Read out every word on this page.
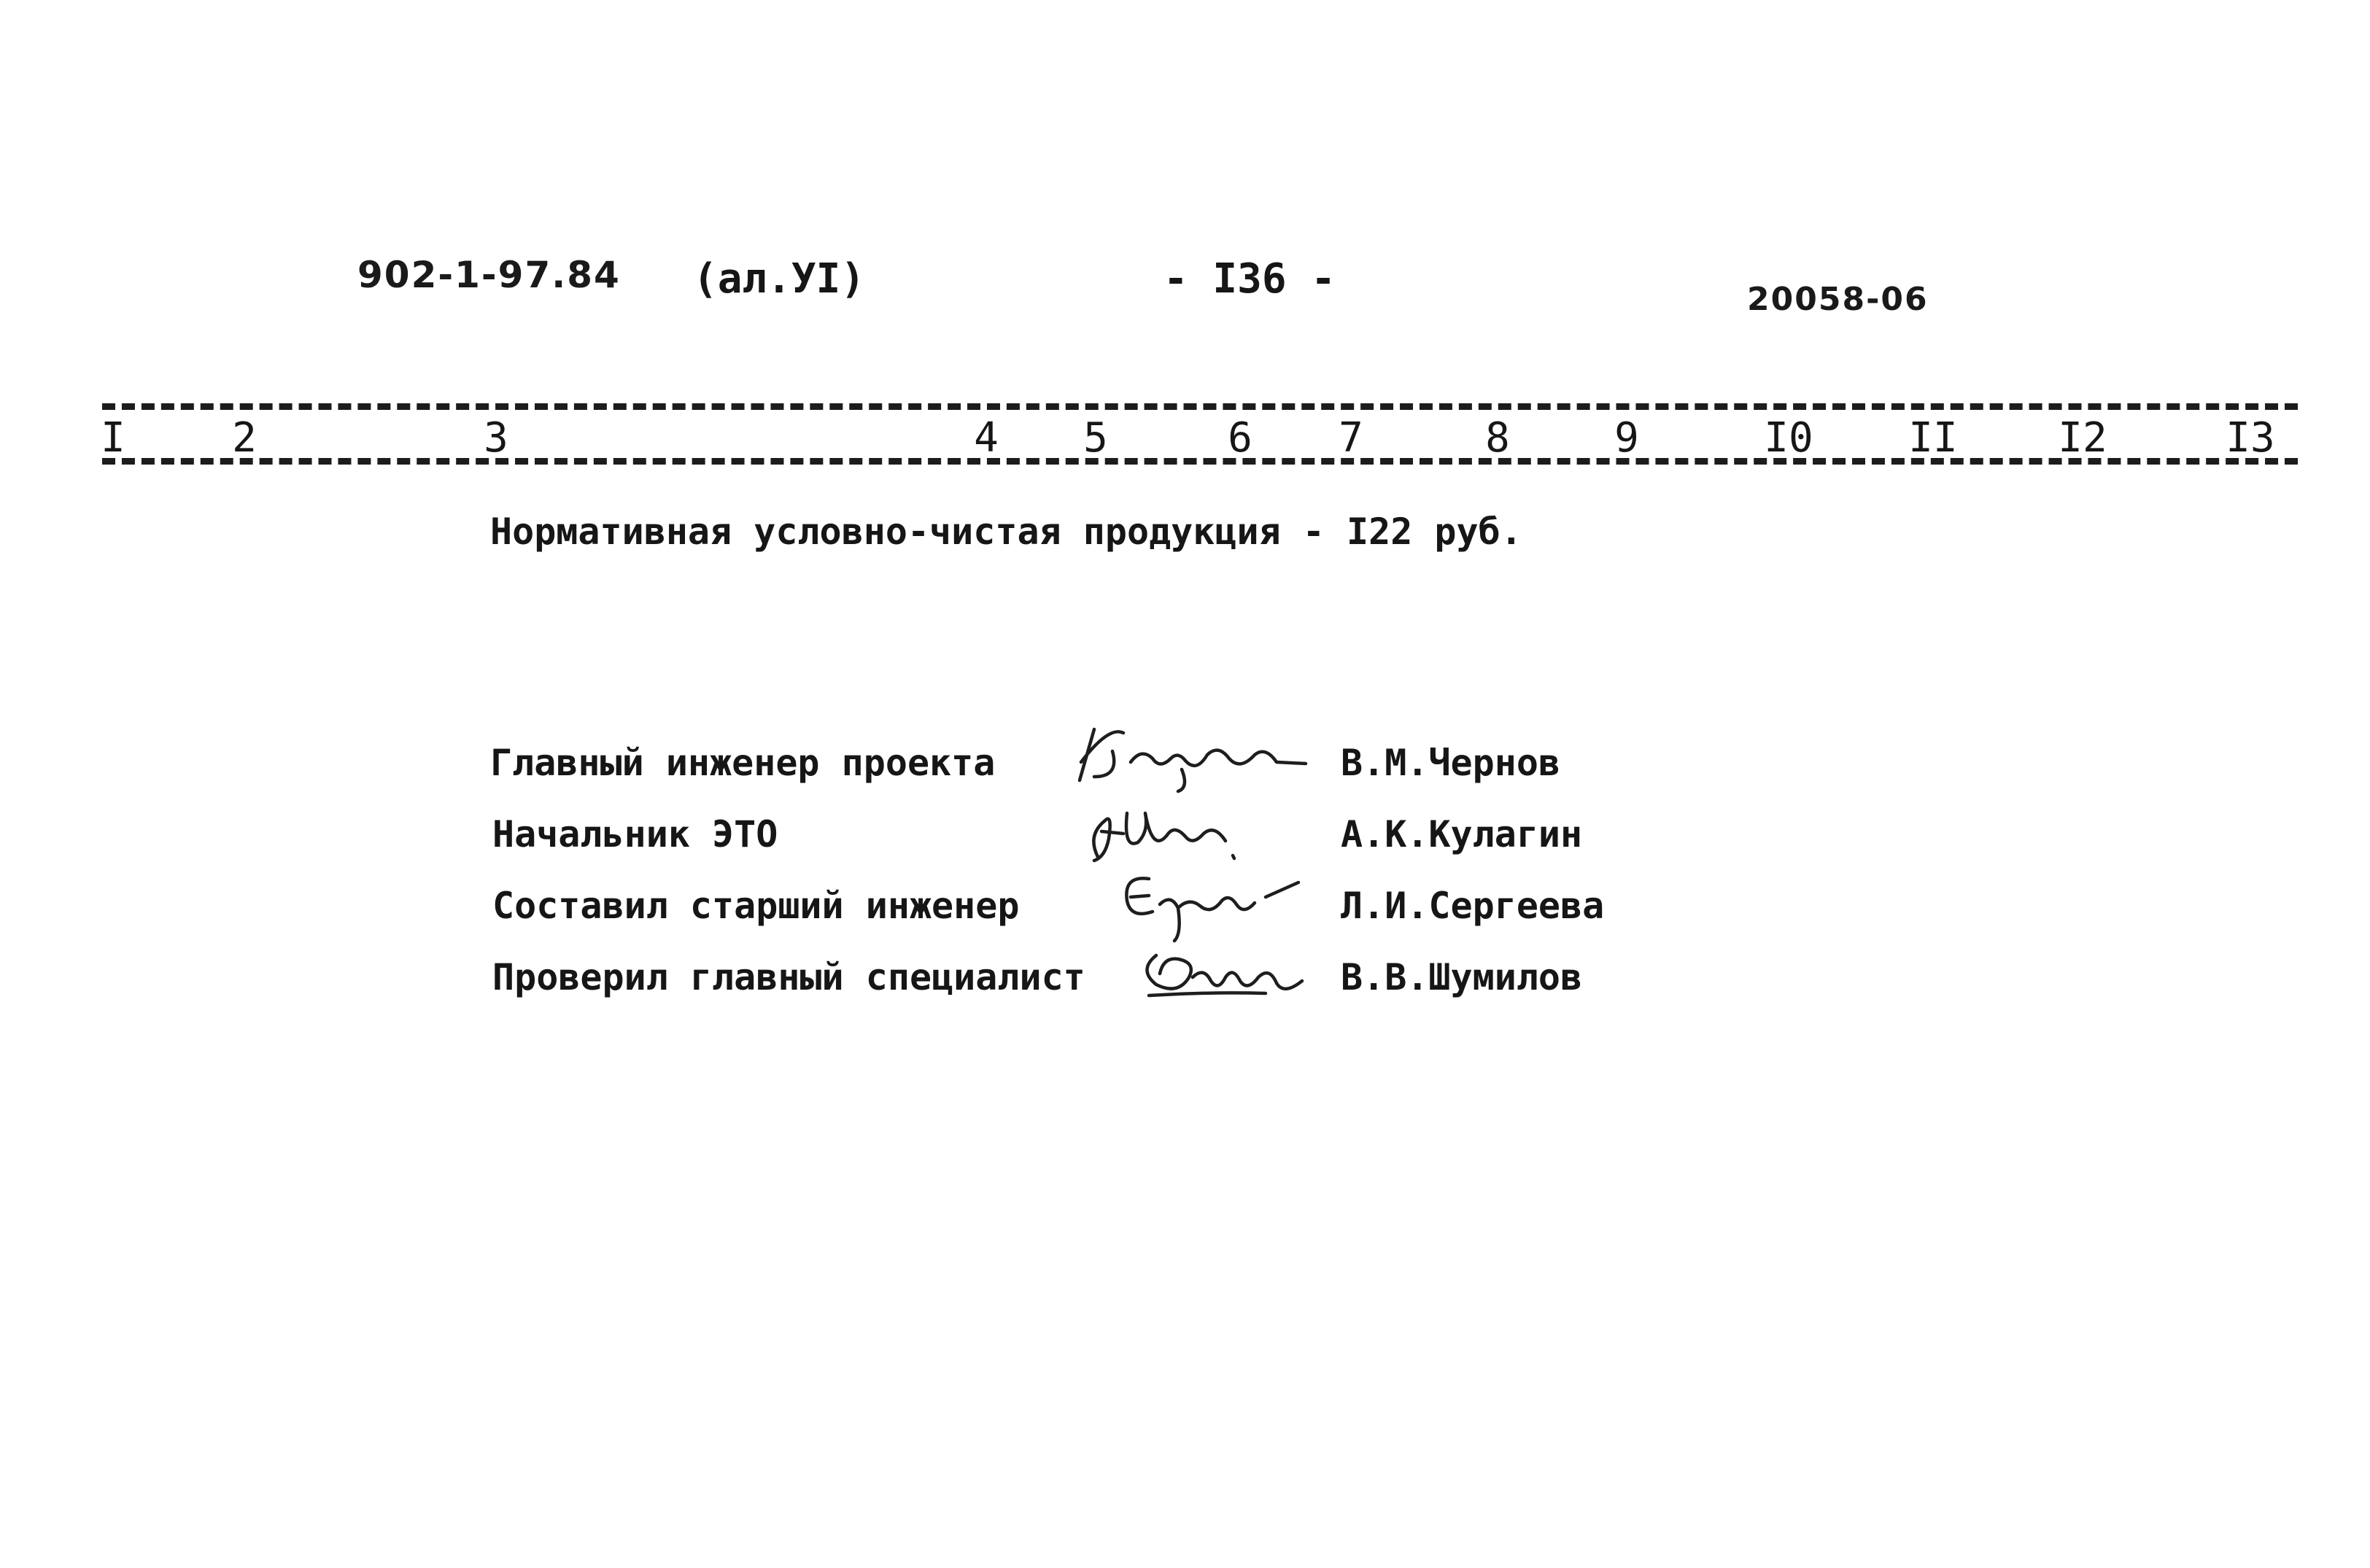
902-1-97.84 (ал.УI)	- I36 -	20058-06
I	2	3	4 5	6 7	8	9	I0 II I2	I3
Нормативная условно-чистая продукция - I22 руб.
Главный инженер проекта	В.М.Чернов
Начальник ЭТО	А.К.Кулагин
Составил старший инженер	Л.И.Сергеева
Проверил главный специалист	В.В.Шумилов
